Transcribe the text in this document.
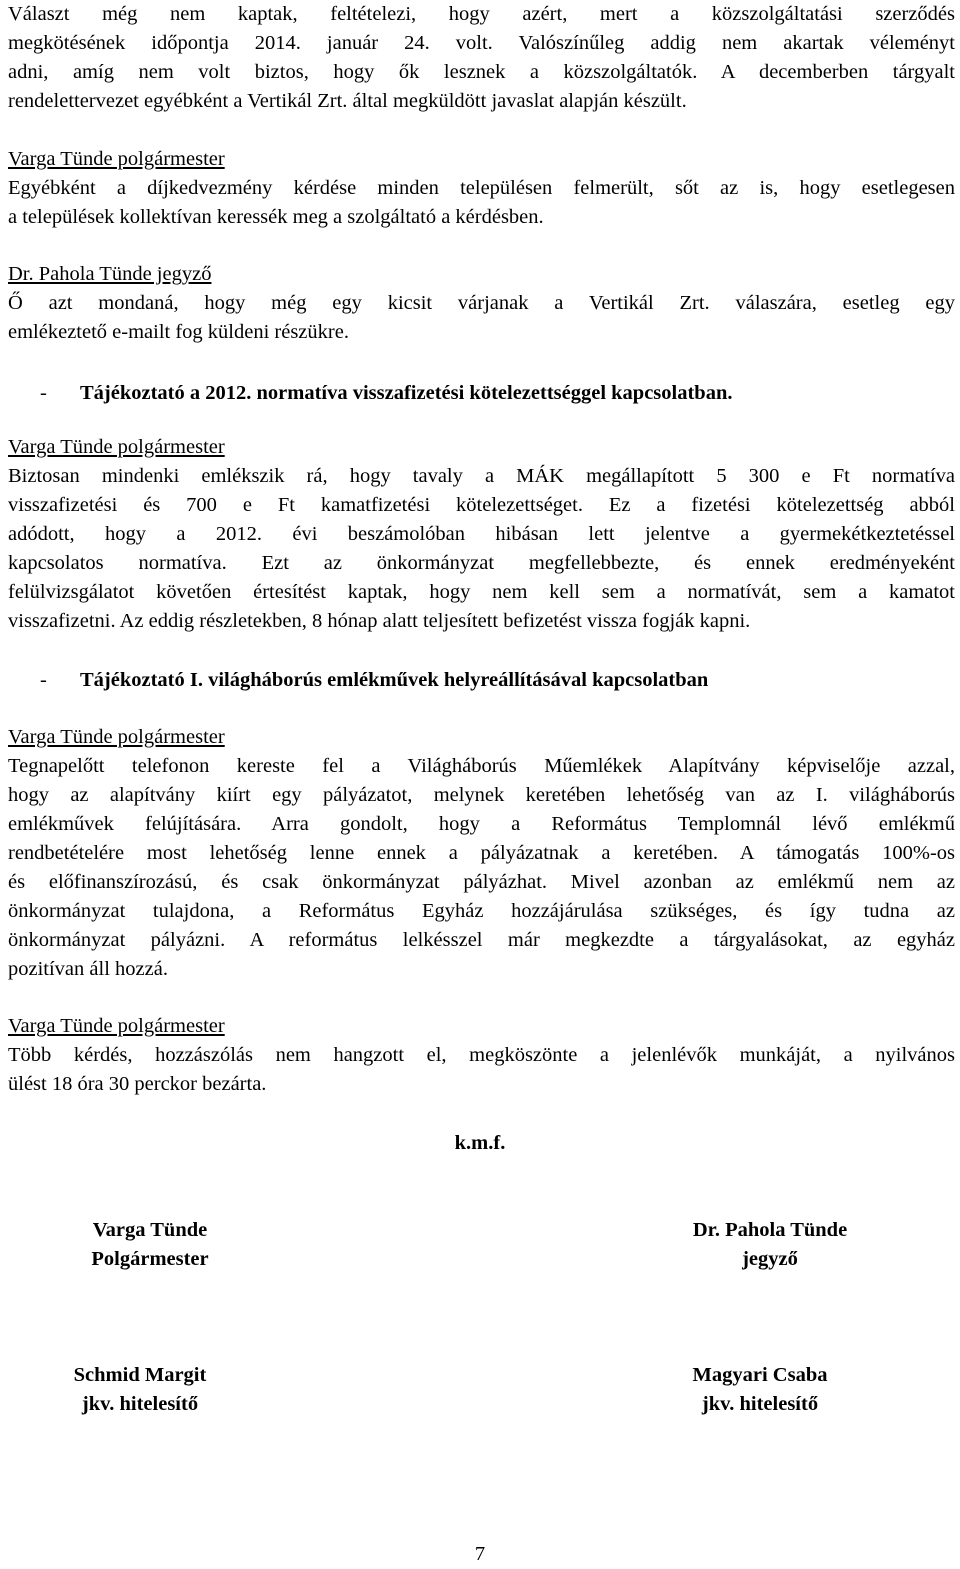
Választ még nem kaptak, feltételezi, hogy azért, mert a közszolgáltatási szerződés
megkötésének időpontja 2014. január 24. volt. Valószínűleg addig nem akartak véleményt
adni, amíg nem volt biztos, hogy ők lesznek a közszolgáltatók. A decemberben tárgyalt
rendelettervezet egyébként a Vertikál Zrt. által megküldött javaslat alapján készült.
Varga Tünde polgármester
Egyébként a díjkedvezmény kérdése minden településen felmerült, sőt az is, hogy esetlegesen
a települések kollektívan keressék meg a szolgáltató a kérdésben.
Dr. Pahola Tünde jegyző
Ő azt mondaná, hogy még egy kicsit várjanak a Vertikál Zrt. válaszára, esetleg egy
emlékeztető e-mailt fog küldeni részükre.
- Tájékoztató a 2012. normatíva visszafizetési kötelezettséggel kapcsolatban.
Varga Tünde polgármester
Biztosan mindenki emlékszik rá, hogy tavaly a MÁK megállapított 5 300 e Ft normatíva
visszafizetési és 700 e Ft kamatfizetési kötelezettséget. Ez a fizetési kötelezettség abból
adódott, hogy a 2012. évi beszámolóban hibásan lett jelentve a gyermekétkeztetéssel
kapcsolatos normatíva. Ezt az önkormányzat megfellebbezte, és ennek eredményeként
felülvizsgálatot követően értesítést kaptak, hogy nem kell sem a normatívát, sem a kamatot
visszafizetni. Az eddig részletekben, 8 hónap alatt teljesített befizetést vissza fogják kapni.
- Tájékoztató I. világháborús emlékművek helyreállításával kapcsolatban
Varga Tünde polgármester
Tegnapelőtt telefonon kereste fel a Világháborús Műemlékek Alapítvány képviselője azzal,
hogy az alapítvány kiírt egy pályázatot, melynek keretében lehetőség van az I. világháborús
emlékművek felújítására. Arra gondolt, hogy a Református Templomnál lévő emlékmű
rendbetételére most lehetőség lenne ennek a pályázatnak a keretében. A támogatás 100%-os
és előfinanszírozású, és csak önkormányzat pályázhat. Mivel azonban az emlékmű nem az
önkormányzat tulajdona, a Református Egyház hozzájárulása szükséges, és így tudna az
önkormányzat pályázni. A református lelkésszel már megkezdte a tárgyalásokat, az egyház
pozitívan áll hozzá.
Varga Tünde polgármester
Több kérdés, hozzászólás nem hangzott el, megköszönte a jelenlévők munkáját, a nyilvános
ülést 18 óra 30 perckor bezárta.
k.m.f.
Varga Tünde
Polgármester
Dr. Pahola Tünde
jegyző
Schmid Margit
jkv. hitelesítő
Magyari Csaba
jkv. hitelesítő
7
